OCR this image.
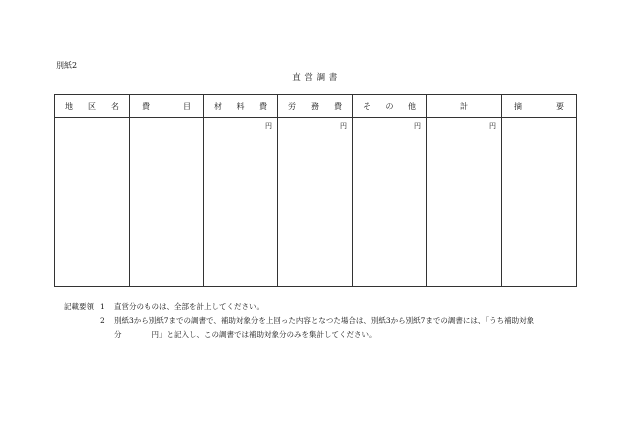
別紙2
直 営 調 書
地 区 名	費 目	材 料 費	労 務 費	そ の 他	計	摘 要

		円	円	円	円	

記載要領 1	直営分のものは、全部を計上してください。
2	別紙3から別紙7までの調書で、補助対象分を上回った内容となつた場合は、別紙3から別紙7までの調書には、「うち補助対象
分	円」と記入し、この調書では補助対象分のみを集計してください。
